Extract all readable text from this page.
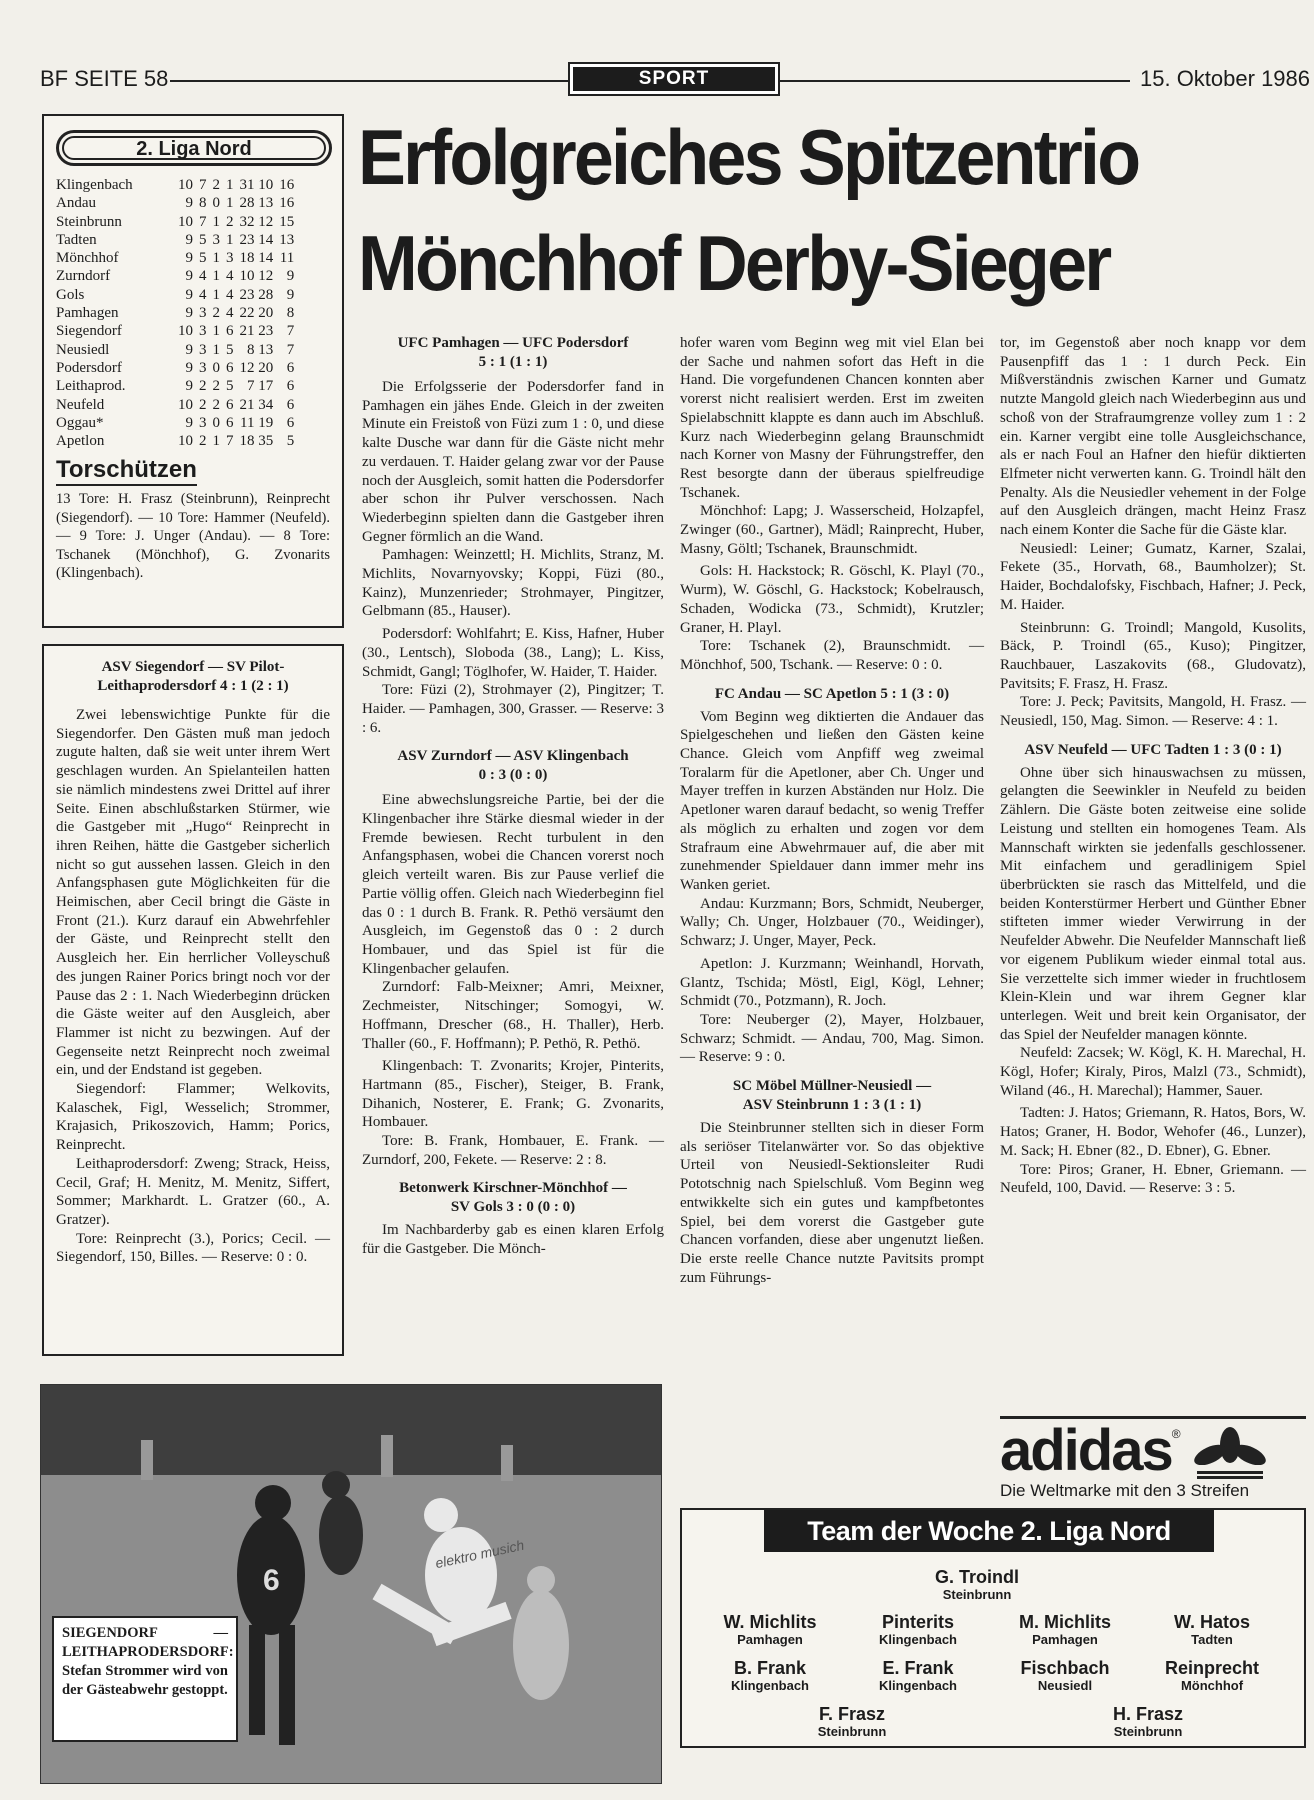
BF SEITE 58	SPORT	15. Oktober 1986
Erfolgreiches Spitzentrio
Mönchhof Derby-Sieger
2. Liga Nord
Klingenbach	10	7	2	1	31 10	16
Andau	9	8	0	1	28 13	16
Steinbrunn	10	7	1	2	32 12	15
Tadten	9	5	3	1	23 14	13
Mönchhof	9	5	1	3	18 14	11
Zurndorf	9	4	1	4	10 12	9
Gols	9	4	1	4	23 28	9
Pamhagen	9	3	2	4	22 20	8
Siegendorf	10	3	1	6	21 23	7
Neusiedl	9	3	1	5	8 13	7
Podersdorf	9	3	0	6	12 20	6
Leithaprod.	9	2	2	5	7 17	6
Neufeld	10	2	2	6	21 34	6
Oggau*	9	3	0	6	11 19	6
Apetlon	10	2	1	7	18 35	5
Torschützen
13 Tore: H. Frasz (Steinbrunn), Reinprecht (Siegendorf). — 10 Tore: Hammer (Neufeld). — 9 Tore: J. Unger (Andau). — 8 Tore: Tschanek (Mönchhof), G. Zvonarits (Klingenbach).
ASV Siegendorf — SV Pilot-Leithaprodersdorf 4 : 1 (2 : 1)
Zwei lebenswichtige Punkte für die Siegendorfer. Den Gästen muß man jedoch zugute halten, daß sie weit unter ihrem Wert geschlagen wurden. An Spielanteilen hatten sie nämlich mindestens zwei Drittel auf ihrer Seite. Einen abschlußstarken Stürmer, wie die Gastgeber mit „Hugo“ Reinprecht in ihren Reihen, hätte die Gastgeber sicherlich nicht so gut aussehen lassen. Gleich in den Anfangsphasen gute Möglichkeiten für die Heimischen, aber Cecil bringt die Gäste in Front (21.). Kurz darauf ein Abwehrfehler der Gäste, und Reinprecht stellt den Ausgleich her. Ein herrlicher Volleyschuß des jungen Rainer Porics bringt noch vor der Pause das 2 : 1. Nach Wiederbeginn drücken die Gäste weiter auf den Ausgleich, aber Flammer ist nicht zu bezwingen. Auf der Gegenseite netzt Reinprecht noch zweimal ein, und der Endstand ist gegeben.
Siegendorf: Flammer; Welkovits, Kalaschek, Figl, Wesselich; Strommer, Krajasich, Prikoszovich, Hamm; Porics, Reinprecht.
Leithaprodersdorf: Zweng; Strack, Heiss, Cecil, Graf; H. Menitz, M. Menitz, Siffert, Sommer; Markhardt. L. Gratzer (60., A. Gratzer).
Tore: Reinprecht (3.), Porics; Cecil. — Siegendorf, 150, Billes. — Reserve: 0 : 0.
UFC Pamhagen — UFC Podersdorf
5 : 1 (1 : 1)
Die Erfolgsserie der Podersdorfer fand in Pamhagen ein jähes Ende. Gleich in der zweiten Minute ein Freistoß von Füzi zum 1 : 0, und diese kalte Dusche war dann für die Gäste nicht mehr zu verdauen. T. Haider gelang zwar vor der Pause noch der Ausgleich, somit hatten die Podersdorfer aber schon ihr Pulver verschossen. Nach Wiederbeginn spielten dann die Gastgeber ihren Gegner förmlich an die Wand.
Pamhagen: Weinzettl; H. Michlits, Stranz, M. Michlits, Novarnyovsky; Koppi, Füzi (80., Kainz), Munzenrieder; Strohmayer, Pingitzer, Gelbmann (85., Hauser).
Podersdorf: Wohlfahrt; E. Kiss, Hafner, Huber (30., Lentsch), Sloboda (38., Lang); L. Kiss, Schmidt, Gangl; Töglhofer, W. Haider, T. Haider.
Tore: Füzi (2), Strohmayer (2), Pingitzer; T. Haider. — Pamhagen, 300, Grasser. — Reserve: 3 : 6.
ASV Zurndorf — ASV Klingenbach
0 : 3 (0 : 0)
Eine abwechslungsreiche Partie, bei der die Klingenbacher ihre Stärke diesmal wieder in der Fremde bewiesen. Recht turbulent in den Anfangsphasen, wobei die Chancen vorerst noch gleich verteilt waren. Bis zur Pause verlief die Partie völlig offen. Gleich nach Wiederbeginn fiel das 0 : 1 durch B. Frank. R. Pethö versäumt den Ausgleich, im Gegenstoß das 0 : 2 durch Hombauer, und das Spiel ist für die Klingenbacher gelaufen.
Zurndorf: Falb-Meixner; Amri, Meixner, Zechmeister, Nitschinger; Somogyi, W. Hoffmann, Drescher (68., H. Thaller), Herb. Thaller (60., F. Hoffmann); P. Pethö, R. Pethö.
Klingenbach: T. Zvonarits; Krojer, Pinterits, Hartmann (85., Fischer), Steiger, B. Frank, Dihanich, Nosterer, E. Frank; G. Zvonarits, Hombauer.
Tore: B. Frank, Hombauer, E. Frank. — Zurndorf, 200, Fekete. — Reserve: 2 : 8.
Betonwerk Kirschner-Mönchhof —
SV Gols 3 : 0 (0 : 0)
Im Nachbarderby gab es einen klaren Erfolg für die Gastgeber. Die Mönch-
hofer waren vom Beginn weg mit viel Elan bei der Sache und nahmen sofort das Heft in die Hand. Die vorgefundenen Chancen konnten aber vorerst nicht realisiert werden. Erst im zweiten Spielabschnitt klappte es dann auch im Abschluß. Kurz nach Wiederbeginn gelang Braunschmidt nach Korner von Masny der Führungstreffer, den Rest besorgte dann der überaus spielfreudige Tschanek.
Mönchhof: Lapg; J. Wasserscheid, Holzapfel, Zwinger (60., Gartner), Mädl; Rainprecht, Huber, Masny, Göltl; Tschanek, Braunschmidt.
Gols: H. Hackstock; R. Göschl, K. Playl (70., Wurm), W. Göschl, G. Hackstock; Kobelrausch, Schaden, Wodicka (73., Schmidt), Krutzler; Graner, H. Playl.
Tore: Tschanek (2), Braunschmidt. — Mönchhof, 500, Tschank. — Reserve: 0 : 0.
FC Andau — SC Apetlon 5 : 1 (3 : 0)
Vom Beginn weg diktierten die Andauer das Spielgeschehen und ließen den Gästen keine Chance. Gleich vom Anpfiff weg zweimal Toralarm für die Apetloner, aber Ch. Unger und Mayer treffen in kurzen Abständen nur Holz. Die Apetloner waren darauf bedacht, so wenig Treffer als möglich zu erhalten und zogen vor dem Strafraum eine Abwehrmauer auf, die aber mit zunehmender Spieldauer dann immer mehr ins Wanken geriet.
Andau: Kurzmann; Bors, Schmidt, Neuberger, Wally; Ch. Unger, Holzbauer (70., Weidinger), Schwarz; J. Unger, Mayer, Peck.
Apetlon: J. Kurzmann; Weinhandl, Horvath, Glantz, Tschida; Möstl, Eigl, Kögl, Lehner; Schmidt (70., Potzmann), R. Joch.
Tore: Neuberger (2), Mayer, Holzbauer, Schwarz; Schmidt. — Andau, 700, Mag. Simon. — Reserve: 9 : 0.
SC Möbel Müllner-Neusiedl —
ASV Steinbrunn 1 : 3 (1 : 1)
Die Steinbrunner stellten sich in dieser Form als seriöser Titelanwärter vor. So das objektive Urteil von Neusiedl-Sektionsleiter Rudi Pototschnig nach Spielschluß. Vom Beginn weg entwikkelte sich ein gutes und kampfbetontes Spiel, bei dem vorerst die Gastgeber gute Chancen vorfanden, diese aber ungenutzt ließen. Die erste reelle Chance nutzte Pavitsits prompt zum Führungs-
tor, im Gegenstoß aber noch knapp vor dem Pausenpfiff das 1 : 1 durch Peck. Ein Mißverständnis zwischen Karner und Gumatz nutzte Mangold gleich nach Wiederbeginn aus und schoß von der Strafraumgrenze volley zum 1 : 2 ein. Karner vergibt eine tolle Ausgleichschance, als er nach Foul an Hafner den hiefür diktierten Elfmeter nicht verwerten kann. G. Troindl hält den Penalty. Als die Neusiedler vehement in der Folge auf den Ausgleich drängen, macht Heinz Frasz nach einem Konter die Sache für die Gäste klar.
Neusiedl: Leiner; Gumatz, Karner, Szalai, Fekete (35., Horvath, 68., Baumholzer); St. Haider, Bochdalofsky, Fischbach, Hafner; J. Peck, M. Haider.
Steinbrunn: G. Troindl; Mangold, Kusolits, Bäck, P. Troindl (65., Kuso); Pingitzer, Rauchbauer, Laszakovits (68., Gludovatz), Pavitsits; F. Frasz, H. Frasz.
Tore: J. Peck; Pavitsits, Mangold, H. Frasz. — Neusiedl, 150, Mag. Simon. — Reserve: 4 : 1.
ASV Neufeld — UFC Tadten 1 : 3 (0 : 1)
Ohne über sich hinauswachsen zu müssen, gelangten die Seewinkler in Neufeld zu beiden Zählern. Die Gäste boten zeitweise eine solide Leistung und stellten ein homogenes Team. Als Mannschaft wirkten sie jedenfalls geschlossener. Mit einfachem und geradlinigem Spiel überbrückten sie rasch das Mittelfeld, und die beiden Konterstürmer Herbert und Günther Ebner stifteten immer wieder Verwirrung in der Neufelder Abwehr. Die Neufelder Mannschaft ließ vor eigenem Publikum wieder einmal total aus. Sie verzettelte sich immer wieder in fruchtlosem Klein-Klein und war ihrem Gegner klar unterlegen. Weit und breit kein Organisator, der das Spiel der Neufelder managen könnte.
Neufeld: Zacsek; W. Kögl, K. H. Marechal, H. Kögl, Hofer; Kiraly, Piros, Malzl (73., Schmidt), Wiland (46., H. Marechal); Hammer, Sauer.
Tadten: J. Hatos; Griemann, R. Hatos, Bors, W. Hatos; Graner, H. Bodor, Wehofer (46., Lunzer), M. Sack; H. Ebner (82., D. Ebner), G. Ebner.
Tore: Piros; Graner, H. Ebner, Griemann. — Neufeld, 100, David. — Reserve: 3 : 5.
6
elektro musich
SIEGENDORF — LEITHAPRODERSDORF: Stefan Strommer wird von der Gästeabwehr gestoppt.
adidas ®
Die Weltmarke mit den 3 Streifen
Team der Woche 2. Liga Nord
G. Troindl
Steinbrunn
W. Michlits
Pamhagen
Pinterits
Klingenbach
M. Michlits
Pamhagen
W. Hatos
Tadten
B. Frank
Klingenbach
E. Frank
Klingenbach
Fischbach
Neusiedl
Reinprecht
Mönchhof
F. Frasz
Steinbrunn
H. Frasz
Steinbrunn
